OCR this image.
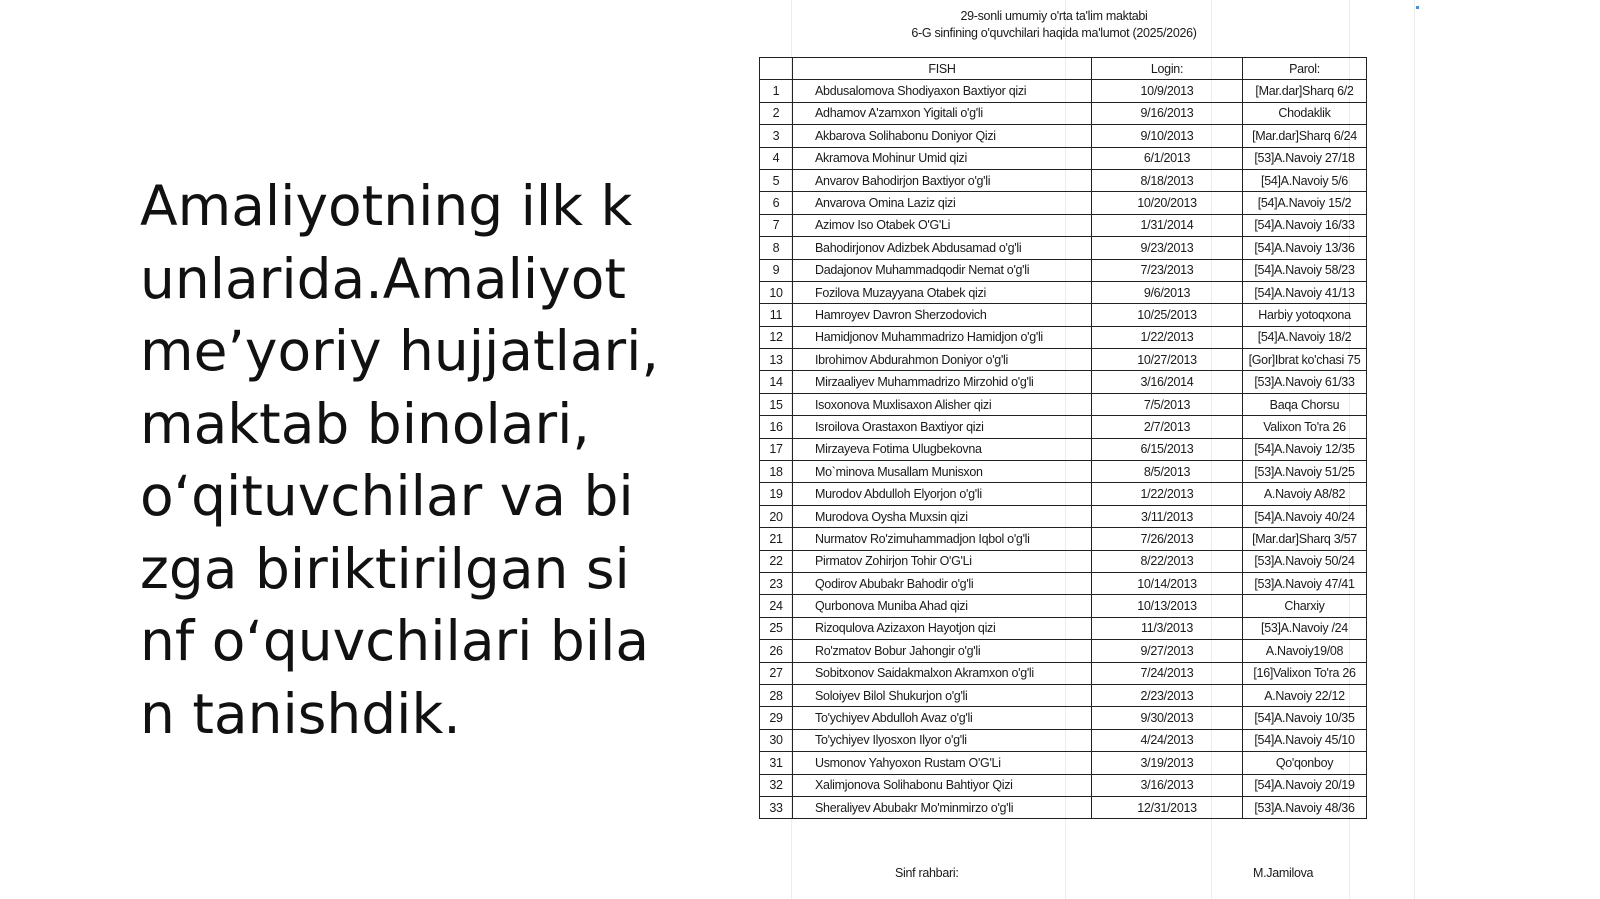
Amaliyotning ilk kunlarida.Amaliyot me’yoriy hujjatlari,maktab binolari,o‘qituvchilar va bizga biriktirilgan sinf o‘quvchilari bilan tanishdik.

29-sonli umumiy o'rta ta'lim maktabi
6-G sinfining o'quvchilari haqida ma'lumot (2025/2026)
	FISH	Login:	Parol:
1	Abdusalomova Shodiyaxon Baxtiyor qizi	10/9/2013	[Mar.dar]Sharq 6/2
2	Adhamov A'zamxon Yigitali o'g'li	9/16/2013	Chodaklik
3	Akbarova Solihabonu Doniyor Qizi	9/10/2013	[Mar.dar]Sharq 6/24
4	Akramova Mohinur Umid qizi	6/1/2013	[53]A.Navoiy 27/18
5	Anvarov Bahodirjon Baxtiyor o'g'li	8/18/2013	[54]A.Navoiy 5/6
6	Anvarova Omina Laziz qizi	10/20/2013	[54]A.Navoiy 15/2
7	Azimov Iso Otabek O'G'Li	1/31/2014	[54]A.Navoiy 16/33
8	Bahodirjonov Adizbek Abdusamad o'g'li	9/23/2013	[54]A.Navoiy 13/36
9	Dadajonov Muhammadqodir Nemat o'g'li	7/23/2013	[54]A.Navoiy 58/23
10	Fozilova Muzayyana Otabek qizi	9/6/2013	[54]A.Navoiy 41/13
11	Hamroyev Davron Sherzodovich	10/25/2013	Harbiy yotoqxona
12	Hamidjonov Muhammadrizo Hamidjon o'g'li	1/22/2013	[54]A.Navoiy 18/2
13	Ibrohimov Abdurahmon Doniyor o'g'li	10/27/2013	[Gor]Ibrat ko'chasi 75
14	Mirzaaliyev Muhammadrizo Mirzohid o'g'li	3/16/2014	[53]A.Navoiy 61/33
15	Isoxonova Muxlisaxon Alisher qizi	7/5/2013	Baqa Chorsu
16	Isroilova Orastaxon Baxtiyor qizi	2/7/2013	Valixon To'ra 26
17	Mirzayeva Fotima Ulugbekovna	6/15/2013	[54]A.Navoiy 12/35
18	Mo`minova Musallam Munisxon	8/5/2013	[53]A.Navoiy 51/25
19	Murodov Abdulloh Elyorjon o'g'li	1/22/2013	A.Navoiy A8/82
20	Murodova Oysha Muxsin qizi	3/11/2013	[54]A.Navoiy 40/24
21	Nurmatov Ro'zimuhammadjon Iqbol o'g'li	7/26/2013	[Mar.dar]Sharq 3/57
22	Pirmatov Zohirjon Tohir O'G'Li	8/22/2013	[53]A.Navoiy 50/24
23	Qodirov Abubakr Bahodir o'g'li	10/14/2013	[53]A.Navoiy 47/41
24	Qurbonova Muniba Ahad qizi	10/13/2013	Charxiy
25	Rizoqulova Azizaxon Hayotjon qizi	11/3/2013	[53]A.Navoiy /24
26	Ro'zmatov Bobur Jahongir o'g'li	9/27/2013	A.Navoiy19/08
27	Sobitxonov Saidakmalxon Akramxon o'g'li	7/24/2013	[16]Valixon To'ra 26
28	Soloiyev Bilol Shukurjon o'g'li	2/23/2013	A.Navoiy 22/12
29	To'ychiyev Abdulloh Avaz o'g'li	9/30/2013	[54]A.Navoiy 10/35
30	To'ychiyev Ilyosxon Ilyor o'g'li	4/24/2013	[54]A.Navoiy 45/10
31	Usmonov Yahyoxon Rustam O'G'Li	3/19/2013	Qo'qonboy
32	Xalimjonova Solihabonu Bahtiyor Qizi	3/16/2013	[54]A.Navoiy 20/19
33	Sheraliyev Abubakr Mo'minmirzo o'g'li	12/31/2013	[53]A.Navoiy 48/36

Sinf rahbari:	M.Jamilova
